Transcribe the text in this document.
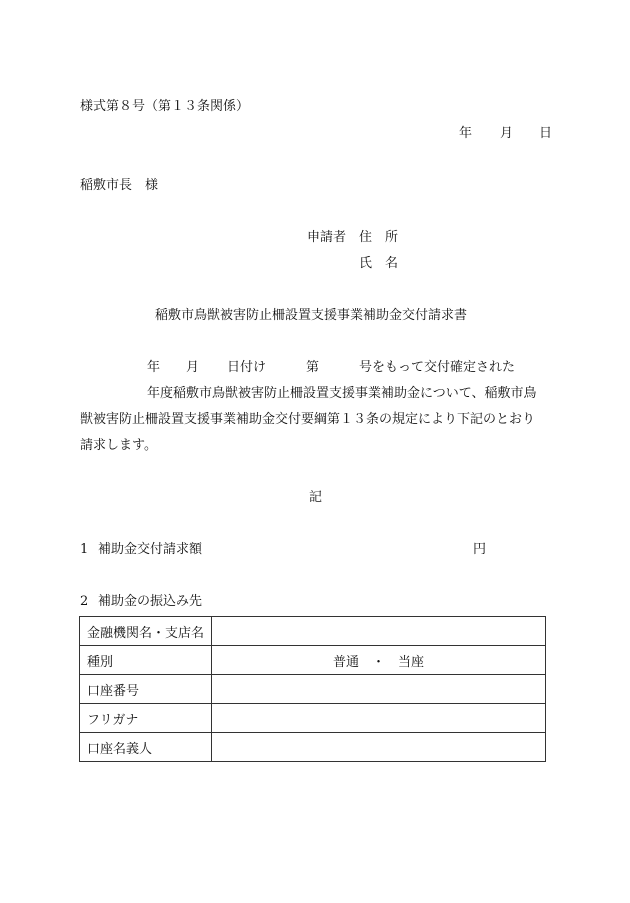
様式第８号（第１３条関係）
年 月 日
稲敷市長　様
申請者 住　所
氏　名
稲敷市鳥獣被害防止柵設置支援事業補助金交付請求書
年 月 日付け	第	号をもって交付確定された
年度稲敷市鳥獣被害防止柵設置支援事業補助金について、稲敷市鳥
獣被害防止柵設置支援事業補助金交付要綱第１３条の規定により下記のとおり
請求します。
記
1 補助金交付請求額	円
2 補助金の振込み先
金融機関名・支店名	
種別	普通　・　当座
口座番号	
フリガナ	
口座名義人	
